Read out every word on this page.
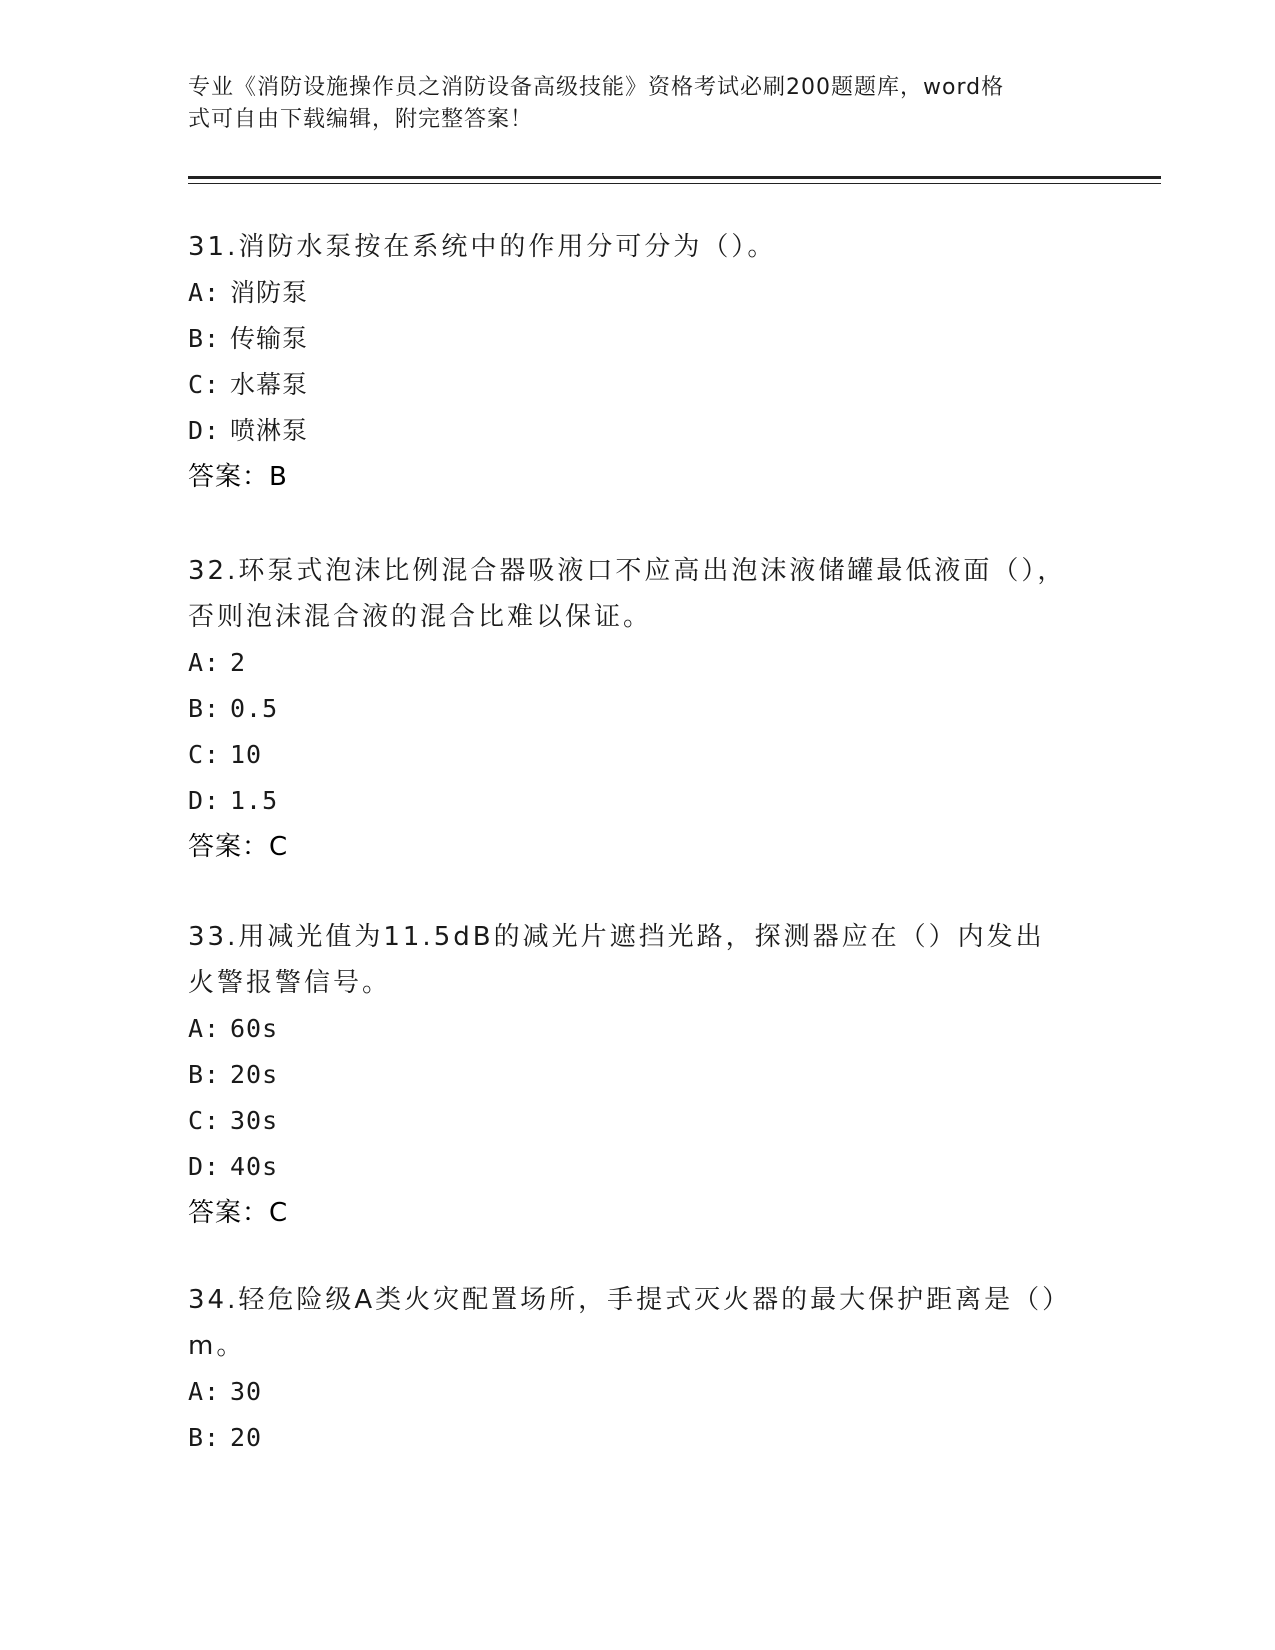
专业《消防设施操作员之消防设备高级技能》资格考试必刷200题题库，word格
式可自由下载编辑，附完整答案！
31.消防水泵按在系统中的作用分可分为（）。
A: 消防泵
B: 传输泵
C: 水幕泵
D: 喷淋泵
答案：B
32.环泵式泡沫比例混合器吸液口不应高出泡沫液储罐最低液面（），否则泡沫混合液的混合比难以保证。
A: 2
B: 0.5
C: 10
D: 1.5
答案：C
33.用减光值为11.5dB的减光片遮挡光路，探测器应在（）内发出火警报警信号。
A: 60s
B: 20s
C: 30s
D: 40s
答案：C
34.轻危险级A类火灾配置场所，手提式灭火器的最大保护距离是（）m。
A: 30
B: 20
